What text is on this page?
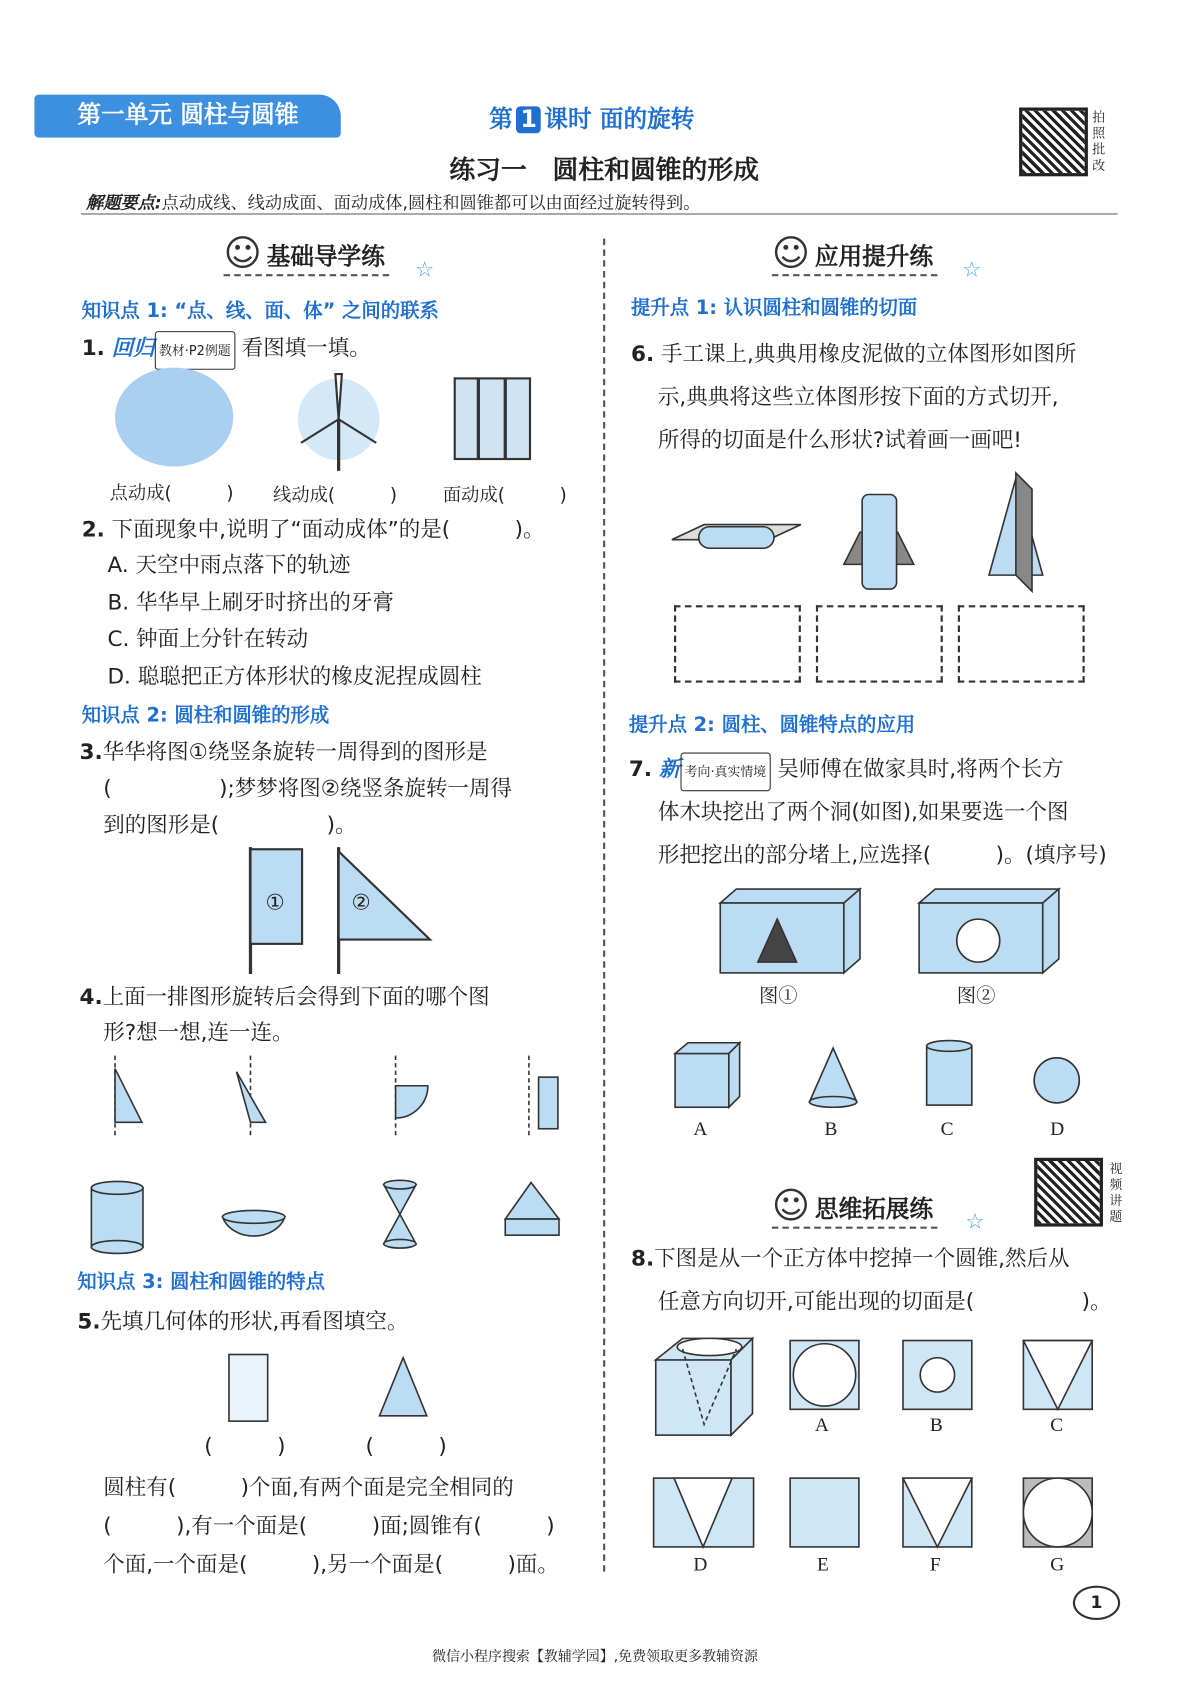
第一单元 圆柱与圆锥	第 1 课时 面的旋转
练习一　圆柱和圆锥的形成
拍照批改
解题要点:点动成线、线动成面、面动成体,圆柱和圆锥都可以由面经过旋转得到。
☺ 基础导学练 ☆
知识点 1: “点、线、面、体” 之间的联系
1. 回归 教材·P2例题 看图填一填。
点动成(　　　) 线动成(　　　)	面动成(　　　)
2. 下面现象中,说明了“面动成体”的是(　　　)。
A. 天空中雨点落下的轨迹
B. 华华早上刷牙时挤出的牙膏
C. 钟面上分针在转动
D. 聪聪把正方体形状的橡皮泥捏成圆柱
知识点 2: 圆柱和圆锥的形成
3.华华将图①绕竖条旋转一周得到的图形是
(　　　　　);梦梦将图②绕竖条旋转一周得
到的图形是(　　　　　)。
①	②
4.上面一排图形旋转后会得到下面的哪个图
形?想一想,连一连。
知识点 3: 圆柱和圆锥的特点
5.先填几何体的形状,再看图填空。
(　　　)	(　　　)
圆柱有(　　　)个面,有两个面是完全相同的
(　　　),有一个面是(　　　)面;圆锥有(　　　)
个面,一个面是(　　　),另一个面是(　　　)面。
☺ 应用提升练 ☆
提升点 1: 认识圆柱和圆锥的切面
6. 手工课上,典典用橡皮泥做的立体图形如图所
示,典典将这些立体图形按下面的方式切开,
所得的切面是什么形状?试着画一画吧!
提升点 2: 圆柱、圆锥特点的应用
7. 新 考向·真实情境 吴师傅在做家具时,将两个长方
体木块挖出了两个洞(如图),如果要选一个图
形把挖出的部分堵上,应选择(　　　)。(填序号)
图①	图②
A	B	C	D
视频讲题
☺ 思维拓展练 ☆
8.下图是从一个正方体中挖掉一个圆锥,然后从
任意方向切开,可能出现的切面是(　　　　　)。
A	B	C
D	E	F	G
1
微信小程序搜索【教辅学园】,免费领取更多教辅资源
